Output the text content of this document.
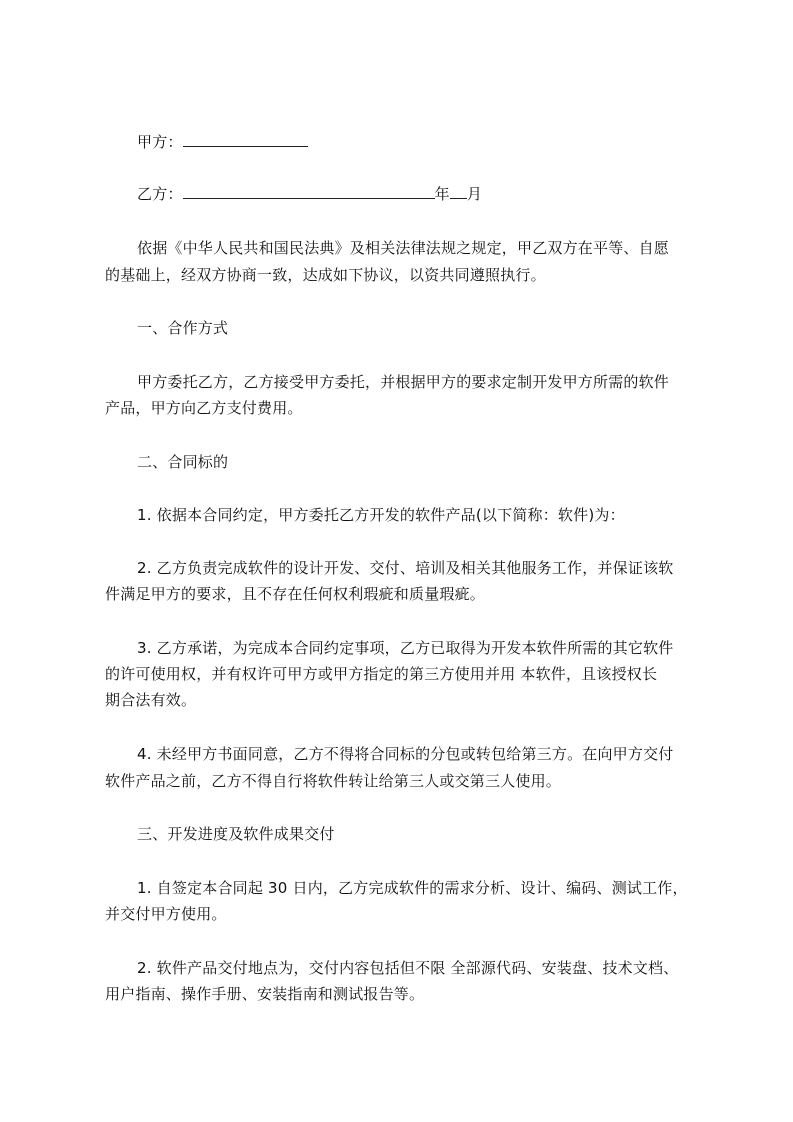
甲方：
乙方：	年 月
依据《中华人民共和国民法典》及相关法律法规之规定，甲乙双方在平等、自愿
的基础上，经双方协商一致，达成如下协议，以资共同遵照执行。
一、合作方式
甲方委托乙方，乙方接受甲方委托，并根据甲方的要求定制开发甲方所需的软件
产品，甲方向乙方支付费用。
二、合同标的
1. 依据本合同约定，甲方委托乙方开发的软件产品(以下简称：软件)为：
2. 乙方负责完成软件的设计开发、交付、培训及相关其他服务工作，并保证该软
件满足甲方的要求，且不存在任何权利瑕疵和质量瑕疵。
3. 乙方承诺，为完成本合同约定事项，乙方已取得为开发本软件所需的其它软件
的许可使用权，并有权许可甲方或甲方指定的第三方使用并用 本软件，且该授权长
期合法有效。
4. 未经甲方书面同意，乙方不得将合同标的分包或转包给第三方。在向甲方交付
软件产品之前，乙方不得自行将软件转让给第三人或交第三人使用。
三、开发进度及软件成果交付
1. 自签定本合同起 30 日内，乙方完成软件的需求分析、设计、编码、测试工作，
并交付甲方使用。
2. 软件产品交付地点为，交付内容包括但不限 全部源代码、安装盘、技术文档、
用户指南、操作手册、安装指南和测试报告等。
